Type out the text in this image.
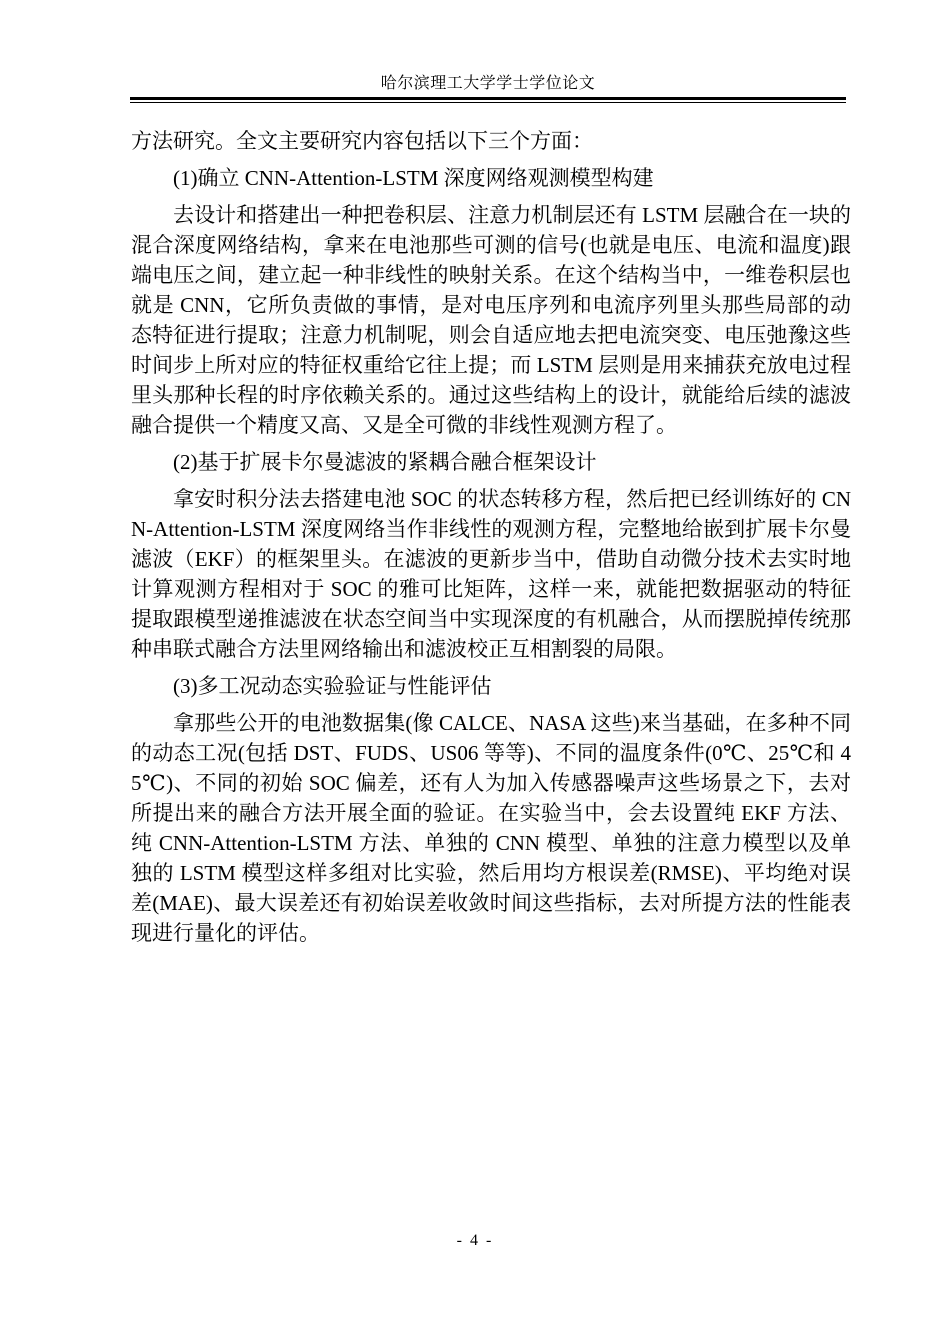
哈尔滨理工大学学士学位论文

方法研究。全文主要研究内容包括以下三个方面：

(1)确立 CNN-Attention-LSTM 深度网络观测模型构建

去设计和搭建出一种把卷积层、注意力机制层还有 LSTM 层融合在一块的混合深度网络结构，拿来在电池那些可测的信号(也就是电压、电流和温度)跟端电压之间，建立起一种非线性的映射关系。在这个结构当中，一维卷积层也就是 CNN，它所负责做的事情，是对电压序列和电流序列里头那些局部的动态特征进行提取；注意力机制呢，则会自适应地去把电流突变、电压弛豫这些时间步上所对应的特征权重给它往上提；而 LSTM 层则是用来捕获充放电过程里头那种长程的时序依赖关系的。通过这些结构上的设计，就能给后续的滤波融合提供一个精度又高、又是全可微的非线性观测方程了。

(2)基于扩展卡尔曼滤波的紧耦合融合框架设计

拿安时积分法去搭建电池 SOC 的状态转移方程，然后把已经训练好的 CNN-Attention-LSTM 深度网络当作非线性的观测方程，完整地给嵌到扩展卡尔曼滤波（EKF）的框架里头。在滤波的更新步当中，借助自动微分技术去实时地计算观测方程相对于 SOC 的雅可比矩阵，这样一来，就能把数据驱动的特征提取跟模型递推滤波在状态空间当中实现深度的有机融合，从而摆脱掉传统那种串联式融合方法里网络输出和滤波校正互相割裂的局限。

(3)多工况动态实验验证与性能评估

拿那些公开的电池数据集(像 CALCE、NASA 这些)来当基础，在多种不同的动态工况(包括 DST、FUDS、US06 等等)、不同的温度条件(0℃、25℃和 45℃)、不同的初始 SOC 偏差，还有人为加入传感器噪声这些场景之下，去对所提出来的融合方法开展全面的验证。在实验当中，会去设置纯 EKF 方法、纯 CNN-Attention-LSTM 方法、单独的 CNN 模型、单独的注意力模型以及单独的 LSTM 模型这样多组对比实验，然后用均方根误差(RMSE)、平均绝对误差(MAE)、最大误差还有初始误差收敛时间这些指标，去对所提方法的性能表现进行量化的评估。

- 4 -
